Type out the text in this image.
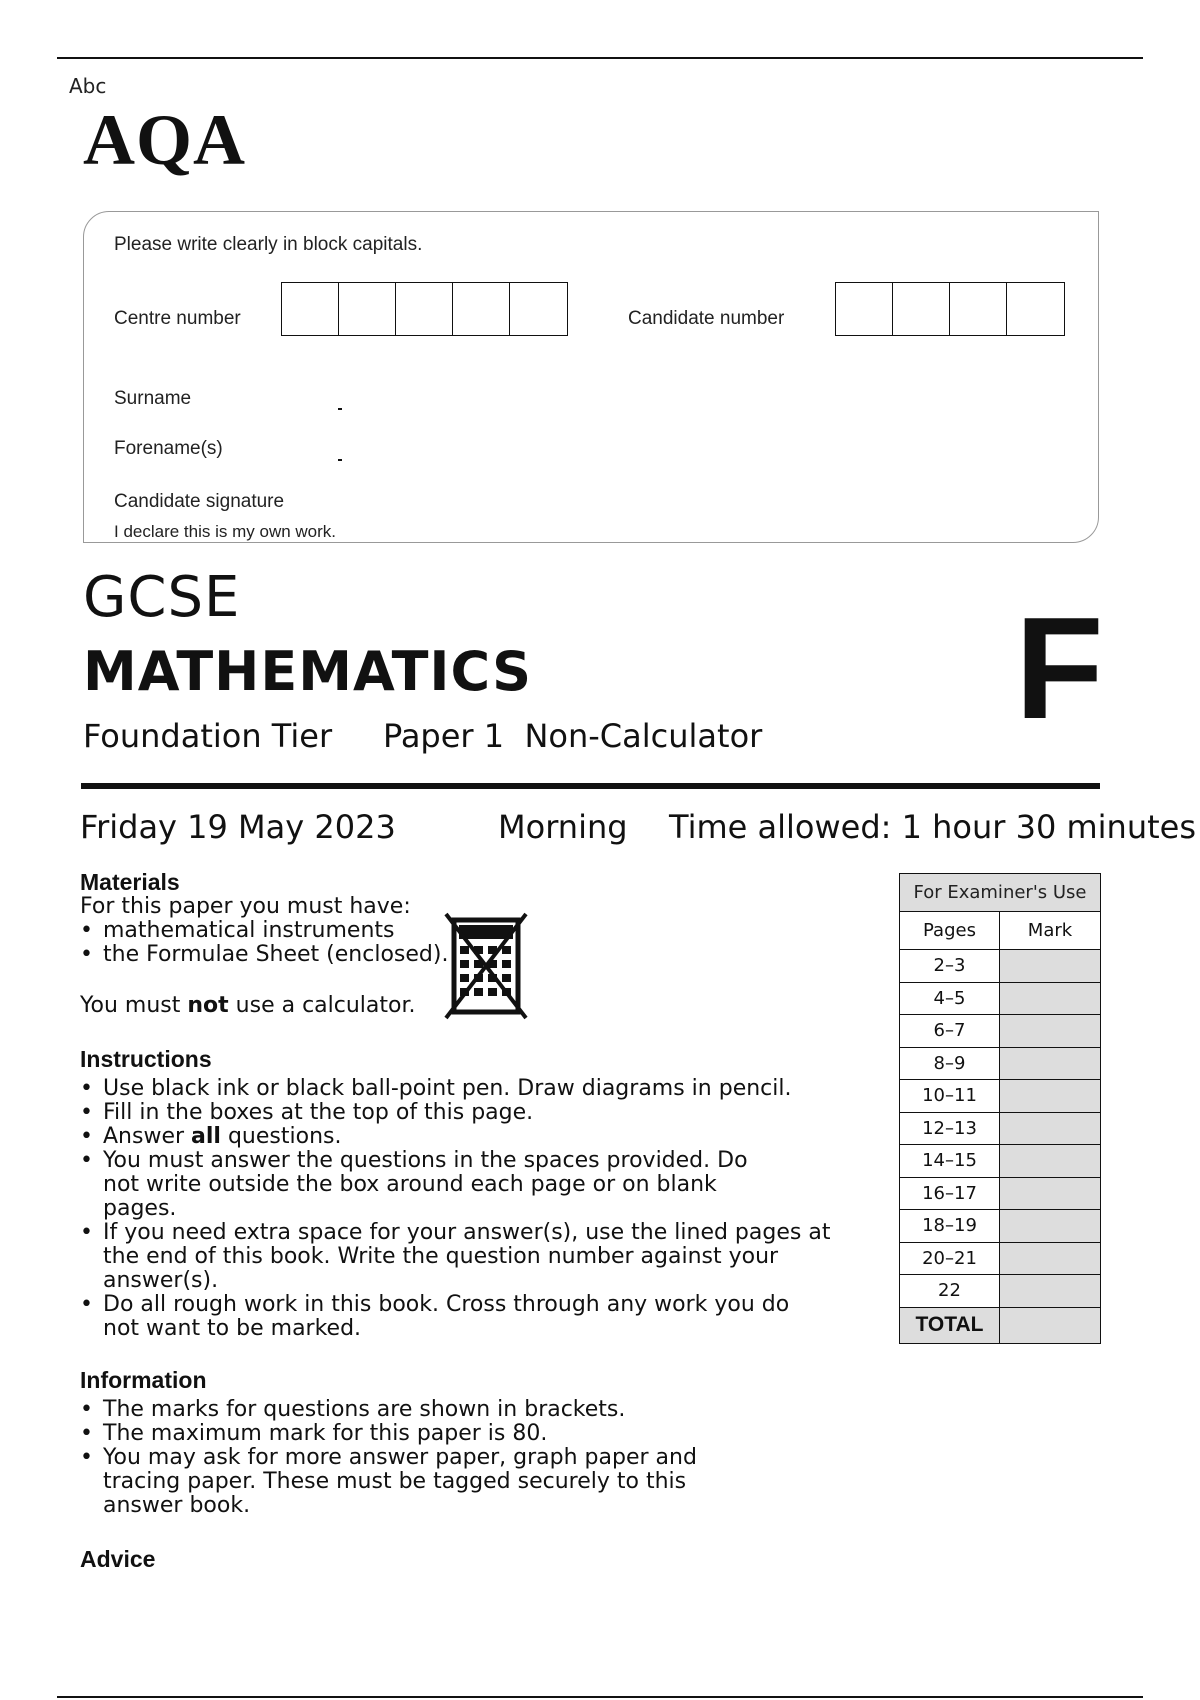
Abc
AQA
Please write clearly in block capitals.
Centre number	Candidate number
Surname
Forename(s)
Candidate signature
I declare this is my own work.
GCSE
MATHEMATICS
Foundation Tier Paper 1 Non-Calculator F
Friday 19 May 2023	Morning Time allowed: 1 hour 30 minutes
Materials
For this paper you must have:
• mathematical instruments
• the Formulae Sheet (enclosed).
You must not use a calculator.
Instructions
• Use black ink or black ball-point pen. Draw diagrams in pencil.
• Fill in the boxes at the top of this page.
• Answer all questions.
• You must answer the questions in the spaces provided. Do not write outside the box around each page or on blank pages.
• If you need extra space for your answer(s), use the lined pages at the end of this book. Write the question number against your answer(s).
• Do all rough work in this book. Cross through any work you do not want to be marked.
Information
• The marks for questions are shown in brackets.
• The maximum mark for this paper is 80.
• You may ask for more answer paper, graph paper and tracing paper. These must be tagged securely to this answer book.
Advice
For Examiner's Use	
Pages	Mark
2–3	
4–5	
6–7	
8–9	
10–11	
12–13	
14–15	
16–17	
18–19	
20–21	
22	
TOTAL	
